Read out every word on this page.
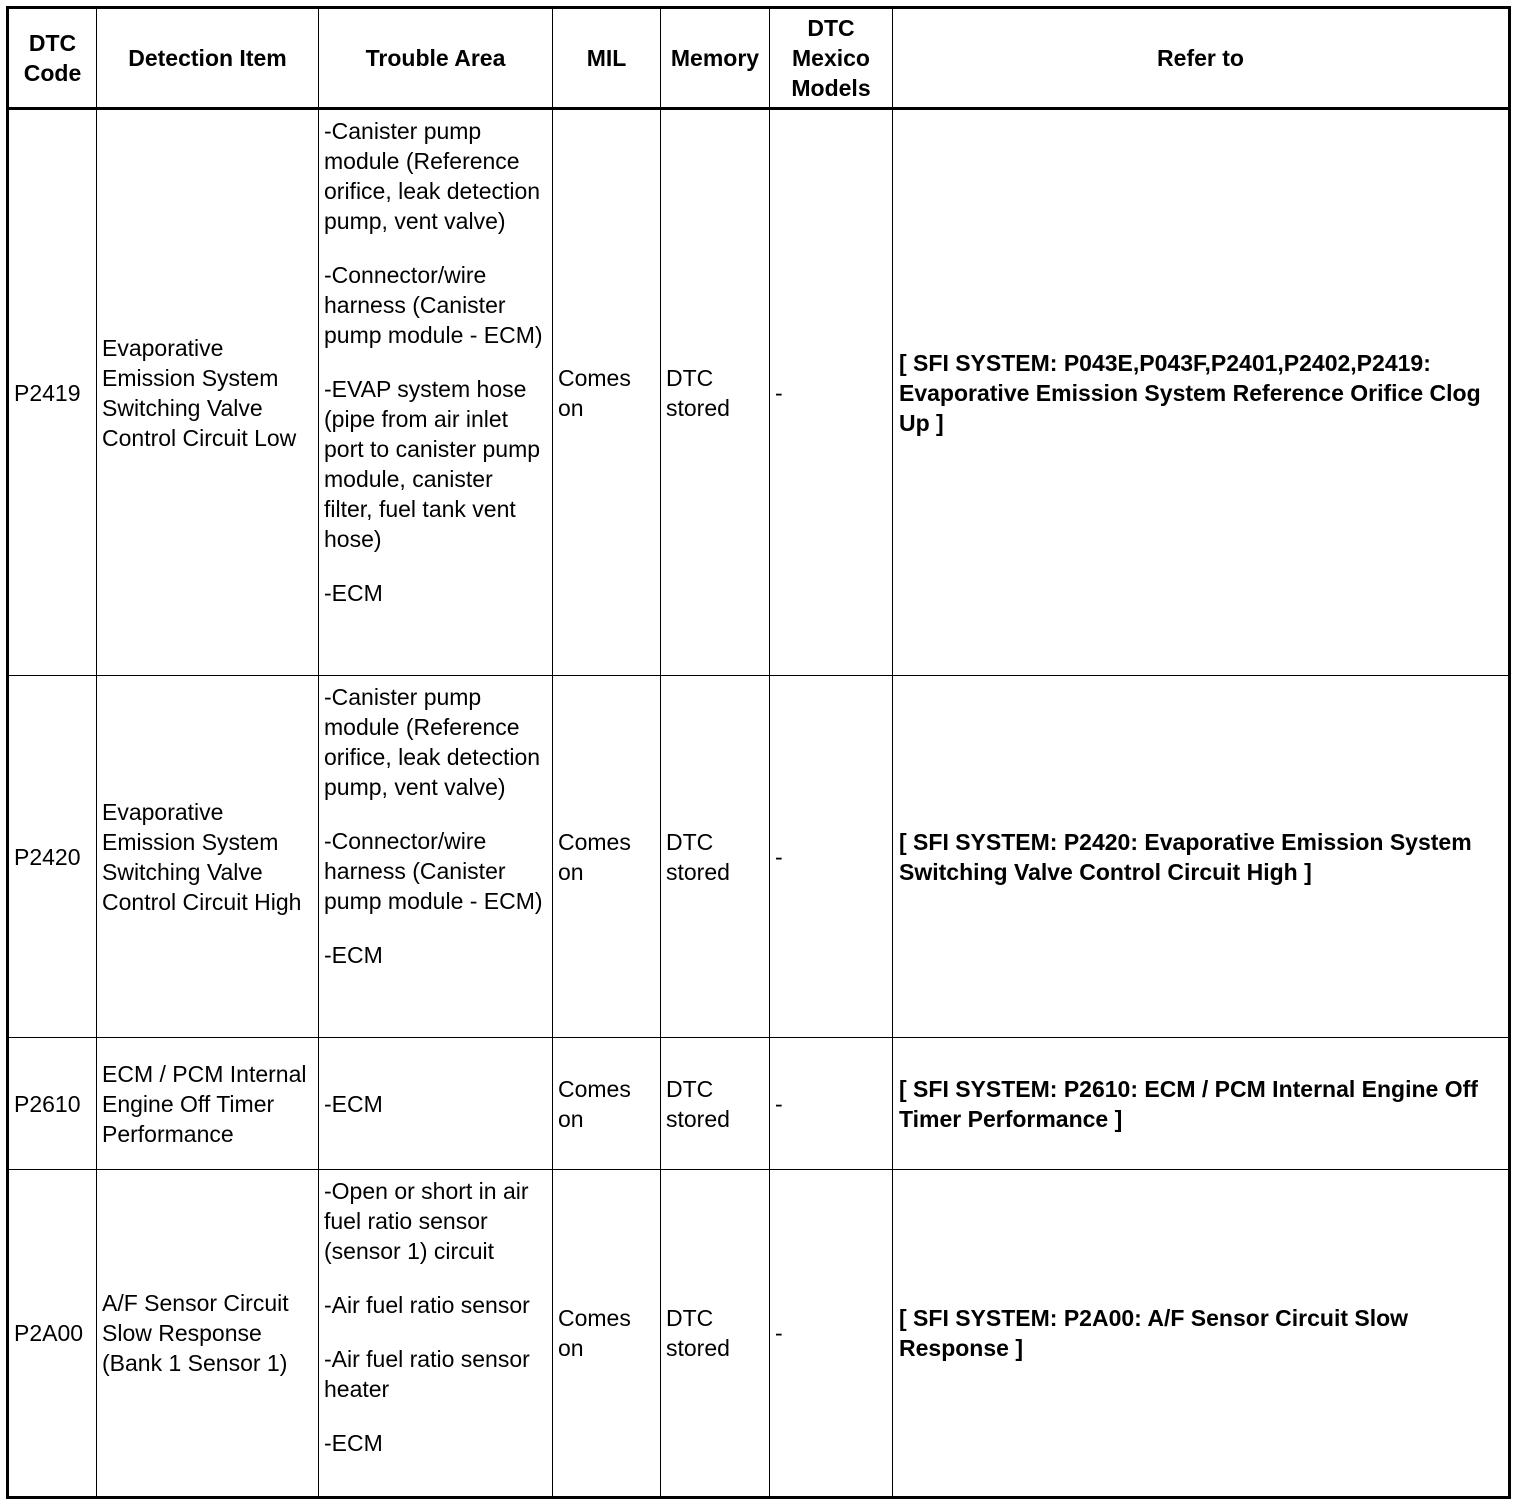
DTC Code	Detection Item	Trouble Area	MIL	Memory	DTC Mexico Models	Refer to
P2419	Evaporative Emission System Switching Valve Control Circuit Low	-Canister pump module (Reference orifice, leak detection pump, vent valve)
-Connector/wire harness (Canister pump module - ECM)
-EVAP system hose (pipe from air inlet port to canister pump module, canister filter, fuel tank vent hose)
-ECM	Comes on	DTC stored	-	[ SFI SYSTEM: P043E,P043F,P2401,P2402,P2419: Evaporative Emission System Reference Orifice Clog Up ]
P2420	Evaporative Emission System Switching Valve Control Circuit High	-Canister pump module (Reference orifice, leak detection pump, vent valve)
-Connector/wire harness (Canister pump module - ECM)
-ECM	Comes on	DTC stored	-	[ SFI SYSTEM: P2420: Evaporative Emission System Switching Valve Control Circuit High ]
P2610	ECM / PCM Internal Engine Off Timer Performance	-ECM	Comes on	DTC stored	-	[ SFI SYSTEM: P2610: ECM / PCM Internal Engine Off Timer Performance ]
P2A00	A/F Sensor Circuit Slow Response (Bank 1 Sensor 1)	-Open or short in air fuel ratio sensor (sensor 1) circuit
-Air fuel ratio sensor
-Air fuel ratio sensor heater
-ECM	Comes on	DTC stored	-	[ SFI SYSTEM: P2A00: A/F Sensor Circuit Slow Response ]
